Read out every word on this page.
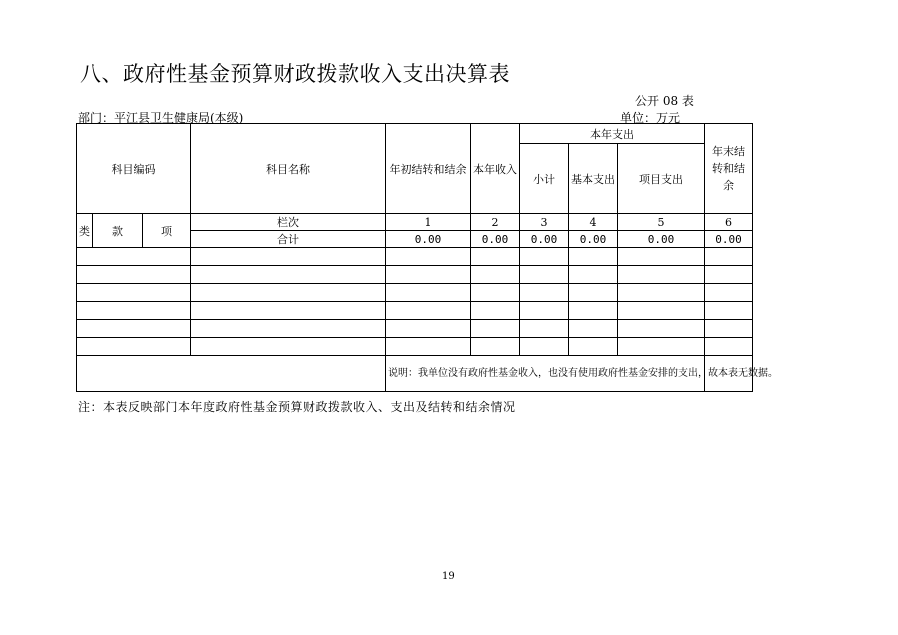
八、政府性基金预算财政拨款收入支出决算表
公开 08 表
部门：平江县卫生健康局(本级)	单位：万元
科目编码			科目名称	年初结转和结余	本年收入	本年支出			年末结转和结余
						小计	基本支出	项目支出	
类	款	项	栏次	1	2	3	4	5	6
			合计	0.00	0.00	0.00	0.00	0.00	0.00

				说明：我单位没有政府性基金收入，也没有使用政府性基金安排的支出，故本表无数据。					
注：本表反映部门本年度政府性基金预算财政拨款收入、支出及结转和结余情况
19
